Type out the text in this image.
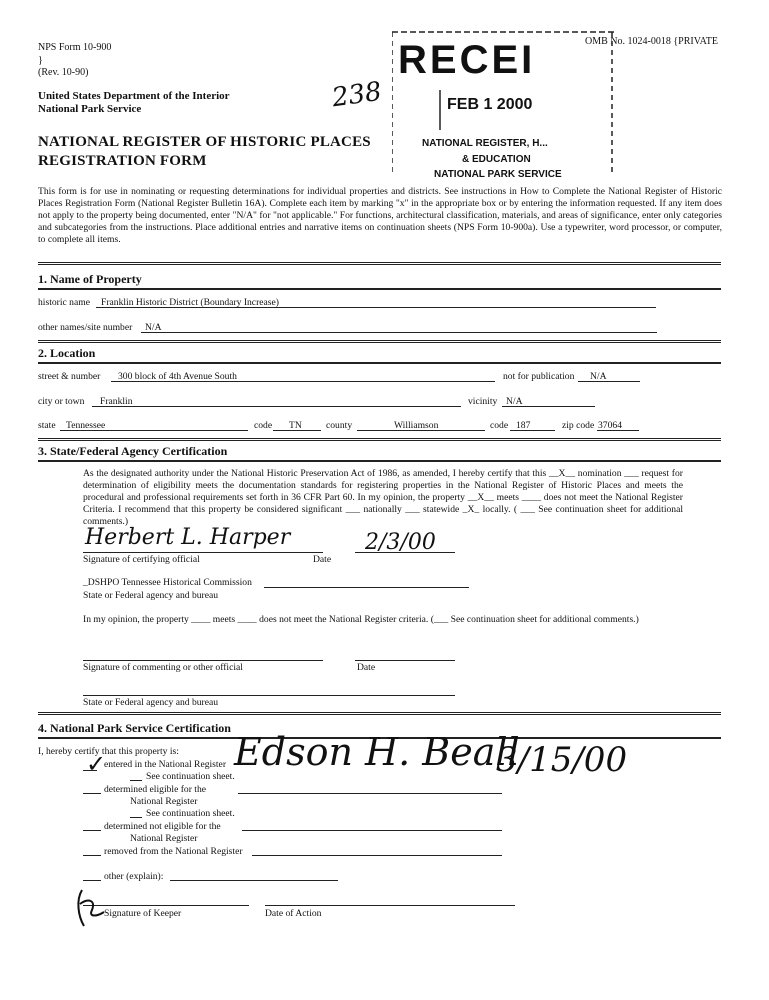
NPS Form 10-900
}
(Rev. 10-90)
OMB No. 1024-0018 {PRIVATE
United States Department of the Interior
National Park Service
NATIONAL REGISTER OF HISTORIC PLACES
REGISTRATION FORM
238
RECEI
FEB 1 2000
NATIONAL REGISTER, H...
& EDUCATION
NATIONAL PARK SERVICE
This form is for use in nominating or requesting determinations for individual properties and districts. See instructions in How to Complete the National Register of Historic Places Registration Form (National Register Bulletin 16A). Complete each item by marking "x" in the appropriate box or by entering the information requested. If any item does not apply to the property being documented, enter "N/A" for "not applicable." For functions, architectural classification, materials, and areas of significance, enter only categories and subcategories from the instructions. Place additional entries and narrative items on continuation sheets (NPS Form 10-900a). Use a typewriter, word processor, or computer, to complete all items.
1. Name of Property
historic name Franklin Historic District (Boundary Increase)
other names/site number N/A
2. Location
street & number 300 block of 4th Avenue South	not for publication N/A
city or town Franklin	vicinity N/A
state Tennessee	code TN	county	Williamson	code 187	zip code 37064
3. State/Federal Agency Certification
As the designated authority under the National Historic Preservation Act of 1986, as amended, I hereby certify that this __X__ nomination ___ request for determination of eligibility meets the documentation standards for registering properties in the National Register of Historic Places and meets the procedural and professional requirements set forth in 36 CFR Part 60. In my opinion, the property __X__ meets ____ does not meet the National Register Criteria. I recommend that this property be considered significant ___ nationally ___ statewide _X_ locally. ( ___ See continuation sheet for additional comments.)
Herbert L. Harper	2/3/00
Signature of certifying official	Date
_DSHPO Tennessee Historical Commission
State or Federal agency and bureau
In my opinion, the property ____ meets ____ does not meet the National Register criteria. (___ See continuation sheet for additional comments.)
Signature of commenting or other official	Date
State or Federal agency and bureau
4. National Park Service Certification
I, hereby certify that this property is:
✓
entered in the National Register
See continuation sheet.
determined eligible for the
National Register
See continuation sheet.
determined not eligible for the
National Register
removed from the National Register
other (explain):
Signature of Keeper	Date of Action
Edson H. Beall
3/15/00
